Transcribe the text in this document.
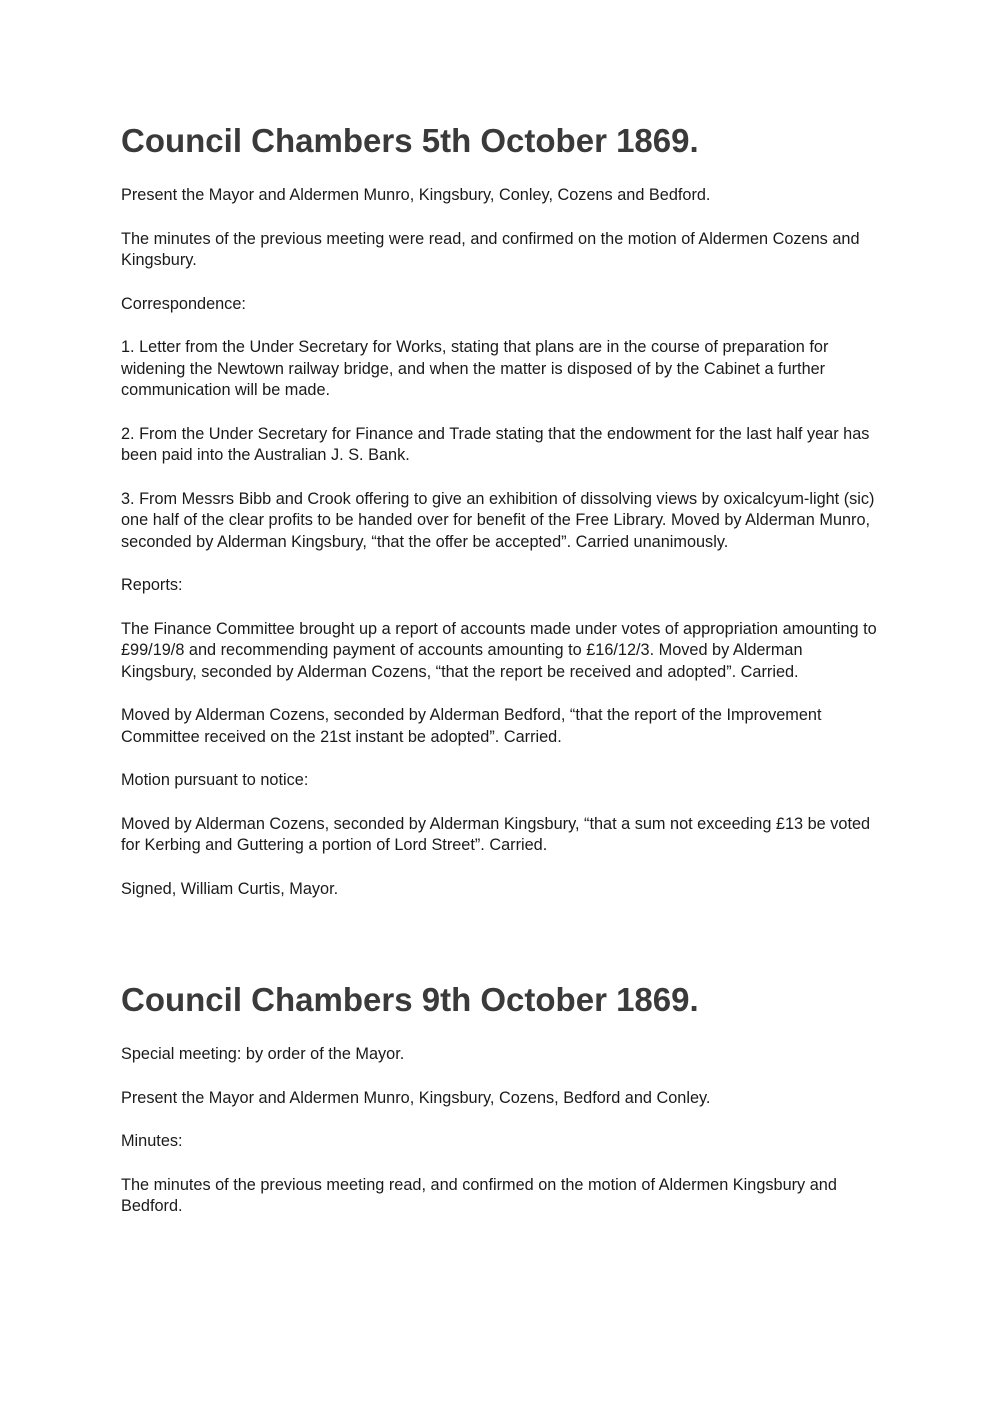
Council Chambers 5th October 1869.

Present the Mayor and Aldermen Munro, Kingsbury, Conley, Cozens and Bedford.

The minutes of the previous meeting were read, and confirmed on the motion of Aldermen Cozens and Kingsbury.

Correspondence:

1. Letter from the Under Secretary for Works, stating that plans are in the course of preparation for widening the Newtown railway bridge, and when the matter is disposed of by the Cabinet a further communication will be made.

2. From the Under Secretary for Finance and Trade stating that the endowment for the last half year has been paid into the Australian J. S. Bank.

3. From Messrs Bibb and Crook offering to give an exhibition of dissolving views by oxicalcyum-light (sic) one half of the clear profits to be handed over for benefit of the Free Library. Moved by Alderman Munro, seconded by Alderman Kingsbury, “that the offer be accepted”. Carried unanimously.

Reports:

The Finance Committee brought up a report of accounts made under votes of appropriation amounting to £99/19/8 and recommending payment of accounts amounting to £16/12/3. Moved by Alderman Kingsbury, seconded by Alderman Cozens, “that the report be received and adopted”. Carried.

Moved by Alderman Cozens, seconded by Alderman Bedford, “that the report of the Improvement Committee received on the 21st instant be adopted”. Carried.

Motion pursuant to notice:

Moved by Alderman Cozens, seconded by Alderman Kingsbury, “that a sum not exceeding £13 be voted for Kerbing and Guttering a portion of Lord Street”. Carried.

Signed, William Curtis, Mayor.

Council Chambers 9th October 1869.

Special meeting: by order of the Mayor.

Present the Mayor and Aldermen Munro, Kingsbury, Cozens, Bedford and Conley.

Minutes:

The minutes of the previous meeting read, and confirmed on the motion of Aldermen Kingsbury and Bedford.
